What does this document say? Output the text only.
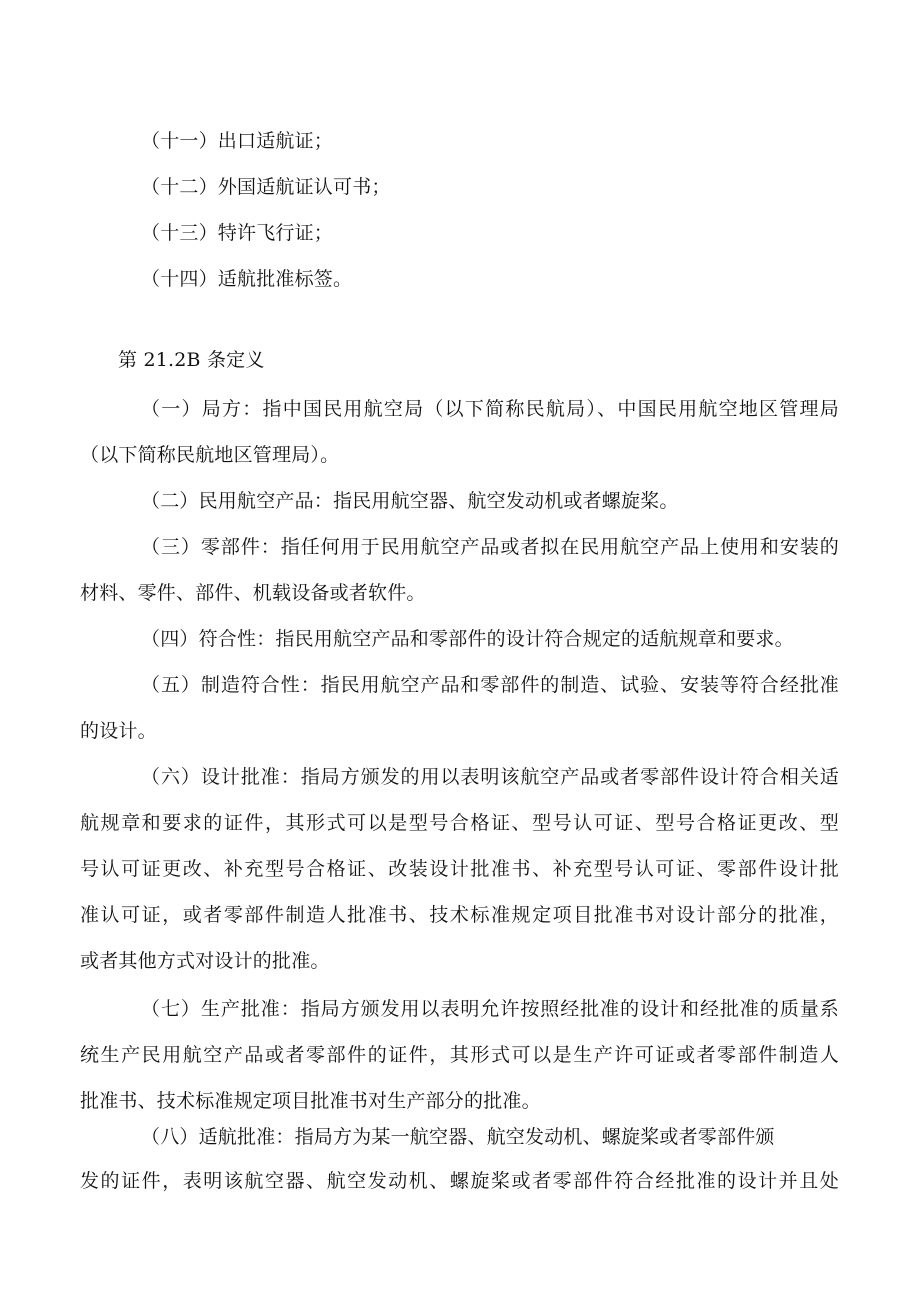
（十一）出口适航证；
（十二）外国适航证认可书；
（十三）特许飞行证；
（十四）适航批准标签。
第 21.2B 条定义
（一）局方：指中国民用航空局（以下简称民航局）、中国民用航空地区管理局
（以下简称民航地区管理局）。
（二）民用航空产品：指民用航空器、航空发动机或者螺旋桨。
（三）零部件：指任何用于民用航空产品或者拟在民用航空产品上使用和安装的
材料、零件、部件、机载设备或者软件。
（四）符合性：指民用航空产品和零部件的设计符合规定的适航规章和要求。
（五）制造符合性：指民用航空产品和零部件的制造、试验、安装等符合经批准
的设计。
（六）设计批准：指局方颁发的用以表明该航空产品或者零部件设计符合相关适
航规章和要求的证件，其形式可以是型号合格证、型号认可证、型号合格证更改、型
号认可证更改、补充型号合格证、改装设计批准书、补充型号认可证、零部件设计批
准认可证，或者零部件制造人批准书、技术标准规定项目批准书对设计部分的批准，
或者其他方式对设计的批准。
（七）生产批准：指局方颁发用以表明允许按照经批准的设计和经批准的质量系
统生产民用航空产品或者零部件的证件，其形式可以是生产许可证或者零部件制造人
批准书、技术标准规定项目批准书对生产部分的批准。
（八）适航批准：指局方为某一航空器、航空发动机、螺旋桨或者零部件颁
发的证件，表明该航空器、航空发动机、螺旋桨或者零部件符合经批准的设计并且处
